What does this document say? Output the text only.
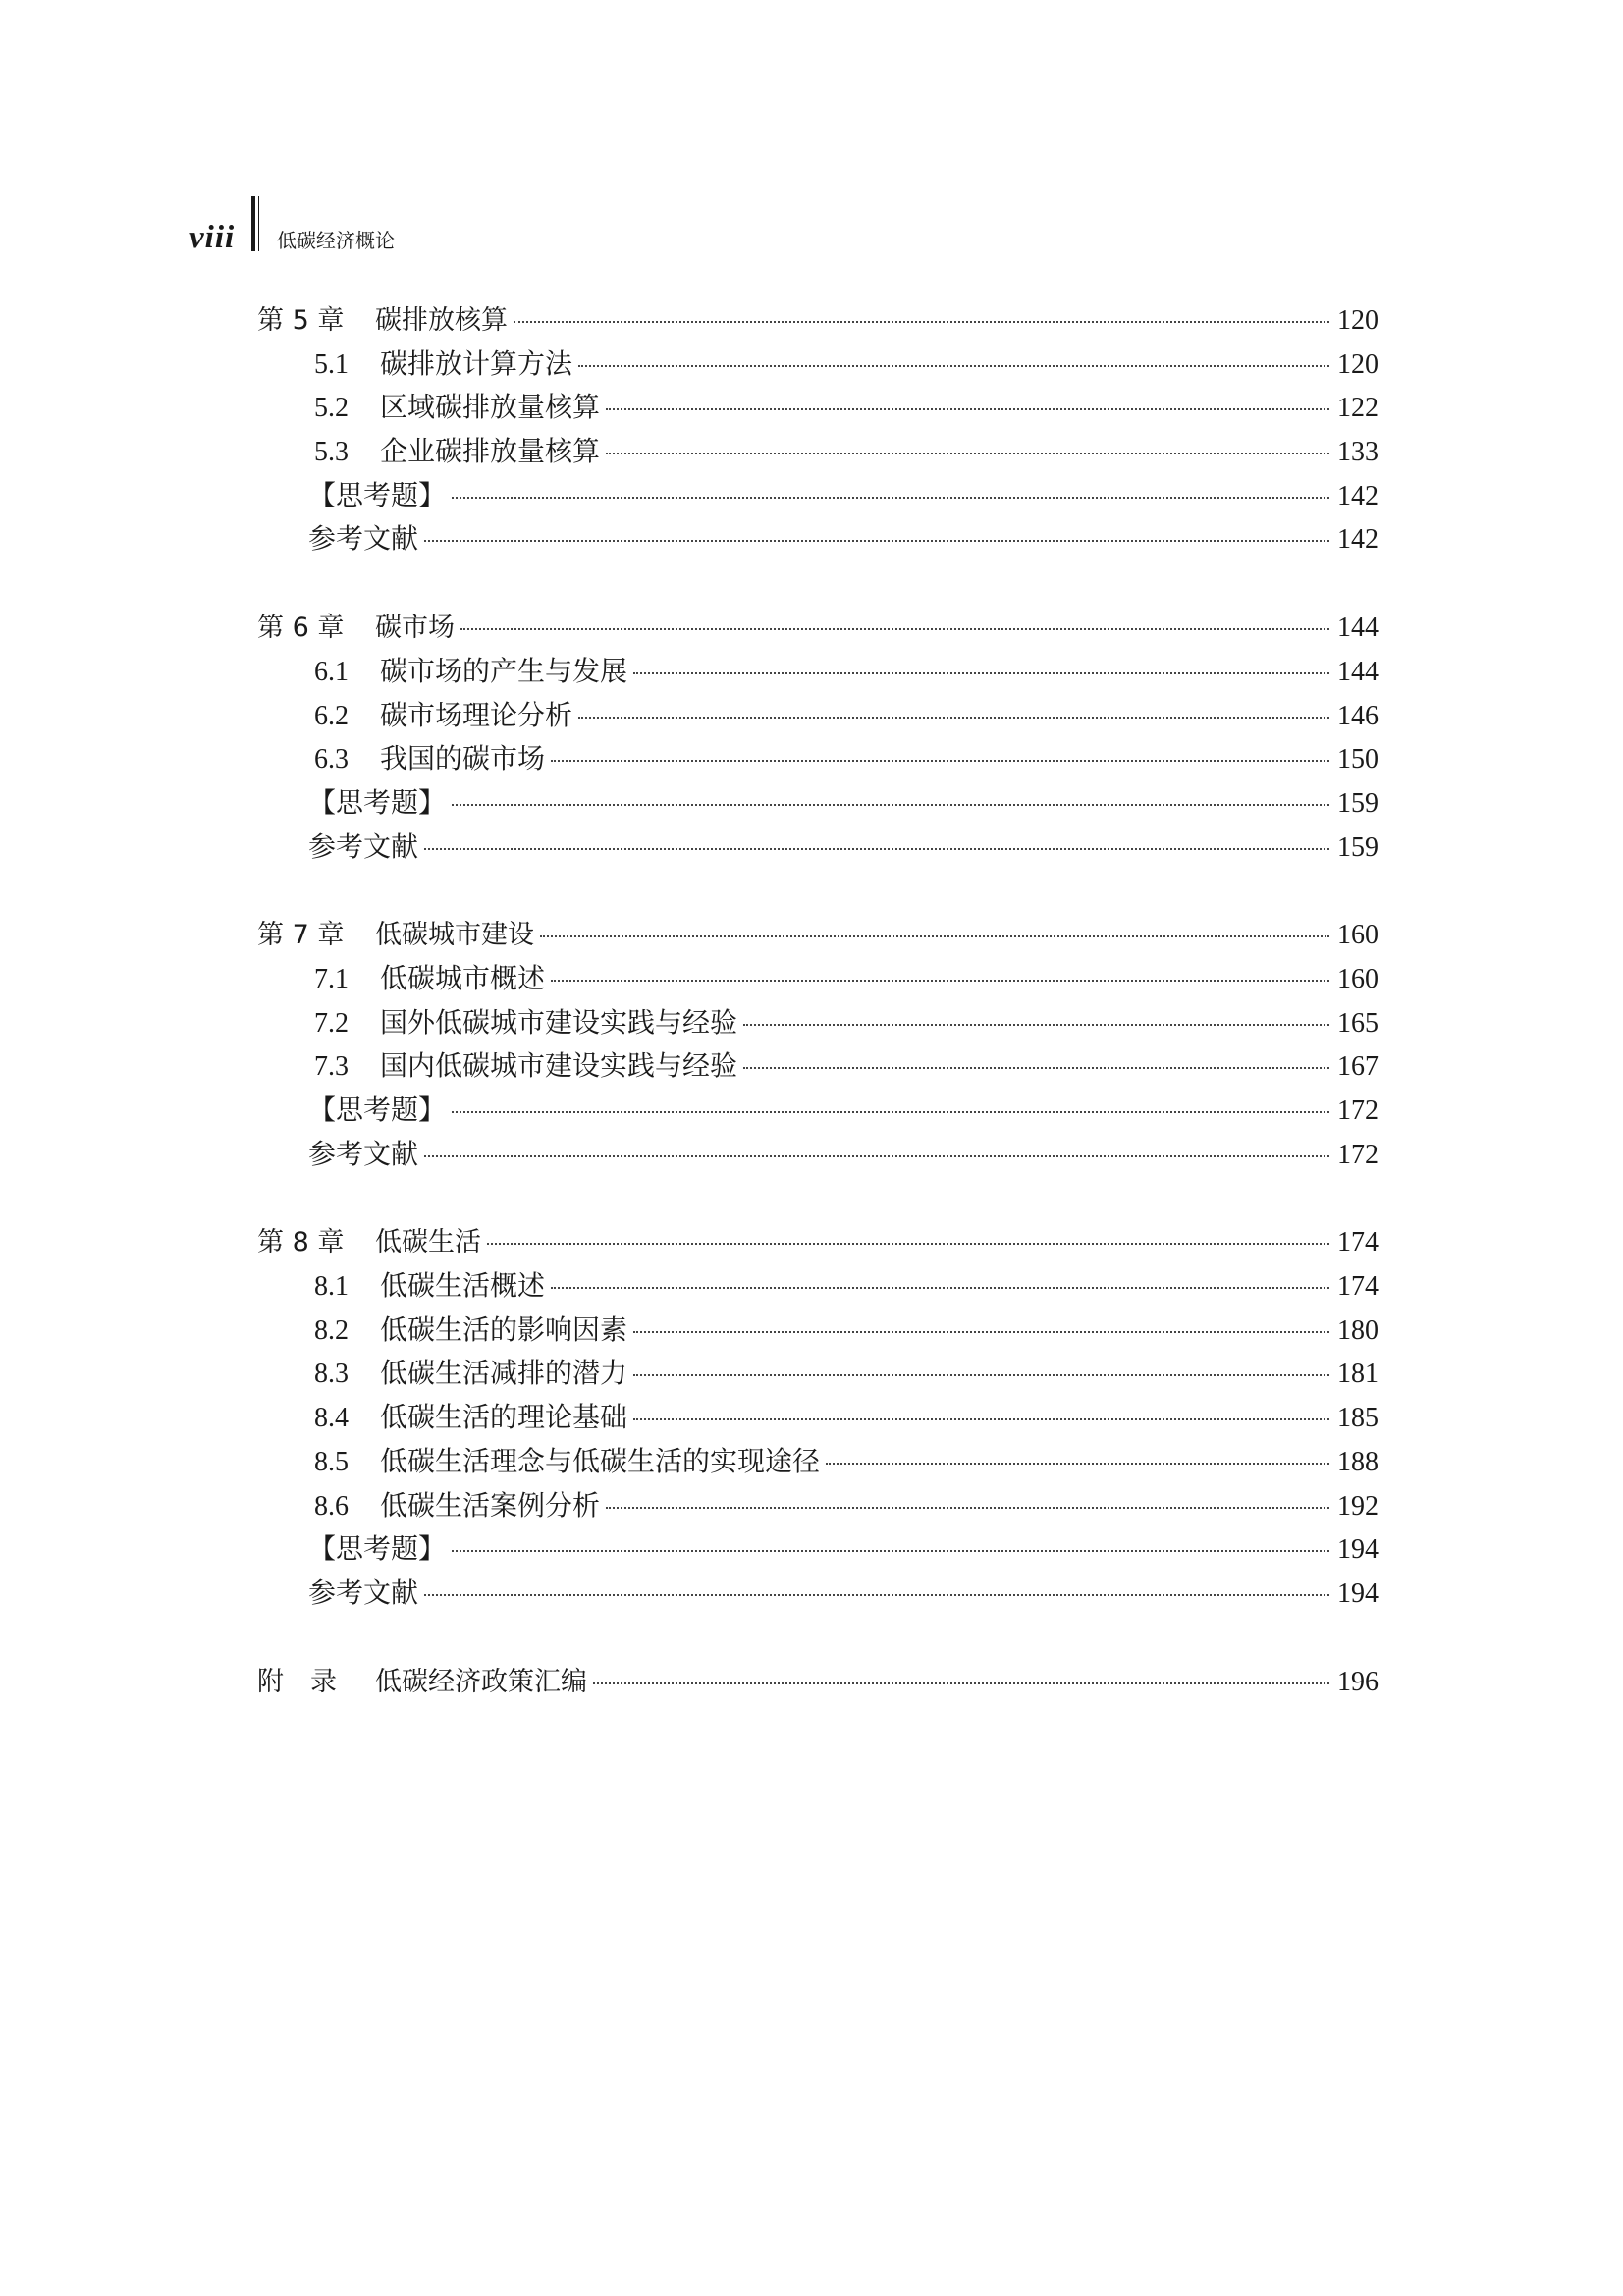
viii 低碳经济概论
第 5 章 碳排放核算	120
5.1 碳排放计算方法	120
5.2 区域碳排放量核算	122
5.3 企业碳排放量核算	133
【思考题】	142
参考文献	142
第 6 章 碳市场	144
6.1 碳市场的产生与发展	144
6.2 碳市场理论分析	146
6.3 我国的碳市场	150
【思考题】	159
参考文献	159
第 7 章 低碳城市建设	160
7.1 低碳城市概述	160
7.2 国外低碳城市建设实践与经验	165
7.3 国内低碳城市建设实践与经验	167
【思考题】	172
参考文献	172
第 8 章 低碳生活	174
8.1 低碳生活概述	174
8.2 低碳生活的影响因素	180
8.3 低碳生活减排的潜力	181
8.4 低碳生活的理论基础	185
8.5 低碳生活理念与低碳生活的实现途径	188
8.6 低碳生活案例分析	192
【思考题】	194
参考文献	194
附　录 低碳经济政策汇编	196
